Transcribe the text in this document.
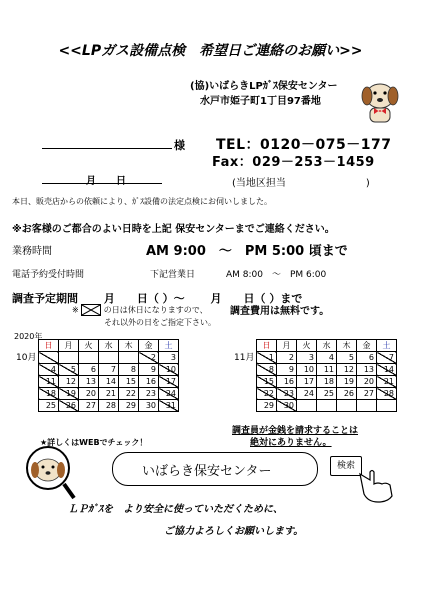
<<LPガス設備点検　希望日ご連絡のお願い>>
(協)いばらきLPｶﾞｽ保安センター
水戸市姫子町1丁目97番地
様 TEL：0120－075－177
Fax：029－253－1459
月　　日	(当地区担当　　　　　　　　)
本日、販売店からの依頼により、ｶﾞｽ設備の法定点検にお伺いしました。
※お客様のご都合のよい日時を上記 保安センターまでご連絡ください。
業務時間	AM 9:00　～　PM 5:00 頃まで
電話予約受付時間	下記営業日	AM 8:00　～　PM 6:00
調査予定期間　　 月　　日（ ）～　　 月　　日（ ）まで
※ ☒ の日は休日になりますので、 調査費用は無料です。
それ以外の日をご指定下さい。
2020年
10月
日	月	火	水	木	金	土
					2	3
4	5	6	7	8	9	10
11	12	13	14	15	16	17
18	19	20	21	22	23	24
25	26	27	28	29	30	31
11月
日	月	火	水	木	金	土
1	2	3	4	5	6	7
8	9	10	11	12	13	14
15	16	17	18	19	20	21
22	23	24	25	26	27	28
29	30					
★詳しくはWEBでチェック！
調査員が金銭を請求することは
絶対にありません。
いばらき保安センター	検索
ＬＰｶﾞｽを　より安全に使っていただくために、
ご協力よろしくお願いします。
